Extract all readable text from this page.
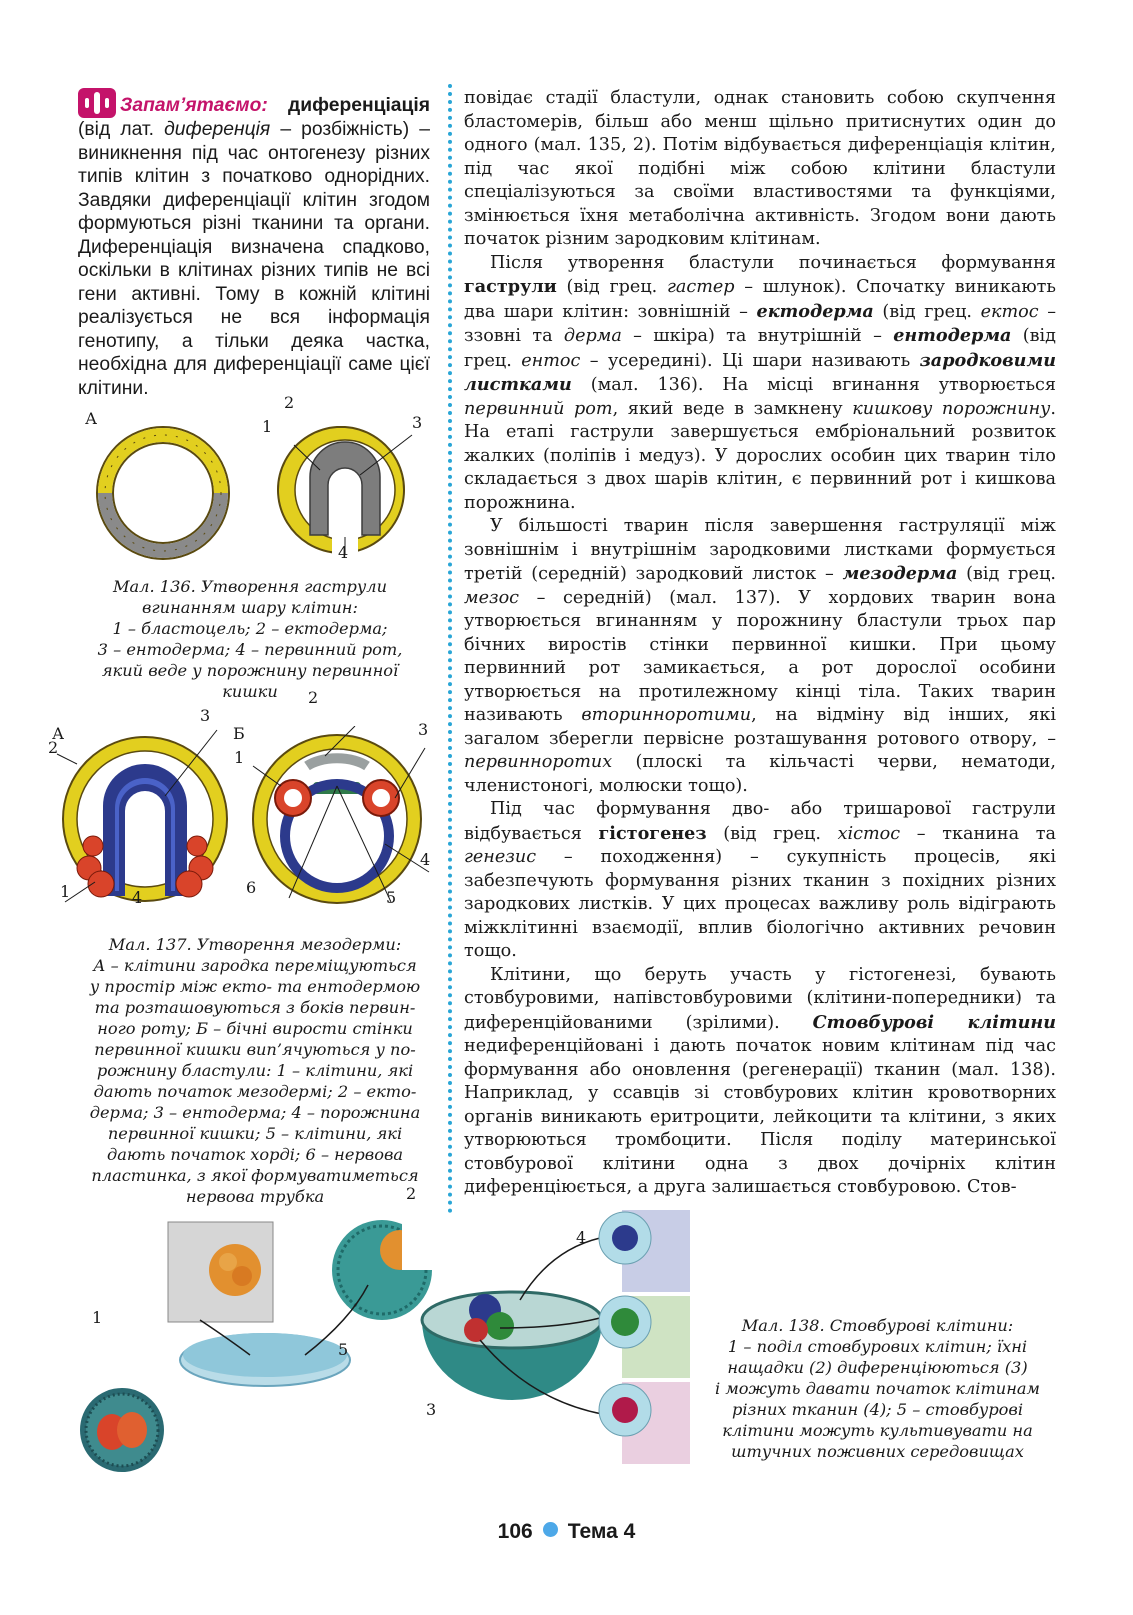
Запам’ятаємо: диференціація (від лат. диференція – розбіжність) – виникнення під час онтогенезу різних типів клітин з початково однорідних. Завдяки диференціації клітин згодом формуються різні тканини та органи. Диференціація визначена спадково, оскільки в клітинах різних типів не всі гени активні. Тому в кожній клітині реалізується не вся інформація генотипу, а тільки деяка частка, необхідна для диференціації саме цієї клітини.
А
2
1	3
4
Мал. 136. Утворення гаструли
вгинанням шару клітин:
1 – бластоцель; 2 – ектодерма;
3 – ентодерма; 4 – первинний рот,
який веде у порожнину первинної
кишки
А	Б
2
3
1	4
2
1
3
4
5
6
Мал. 137. Утворення мезодерми:
А – клітини зародка переміщуються
у простір між екто- та ентодермою
та розташовуються з боків первин-
ного роту; Б – бічні вирости стінки
первинної кишки вип’ячуються у по-
рожнину бластули: 1 – клітини, які
дають початок мезодермі; 2 – екто-
дерма; 3 – ентодерма; 4 – порожнина
первинної кишки; 5 – клітини, які
дають початок хорді; 6 – нервова
пластинка, з якої формуватиметься
нервова трубка

повідає стадії бластули, однак становить собою скупчення бластомерів, більш або менш щільно притиснутих один до одного (мал. 135, 2). Потім відбувається диференціація клітин, під час якої подібні між собою клітини бластули спеціалізуються за своїми властивостями та функціями, змінюється їхня метаболічна активність. Згодом вони дають початок різним зародковим клітинам.

Після утворення бластули починається формування гаструли (від грец. гастер – шлунок). Спочатку виникають два шари клітин: зовнішній – ектодерма (від грец. ектос – ззовні та дерма – шкіра) та внутрішній – ентодерма (від грец. ентос – усередині). Ці шари називають зародковими листками (мал. 136). На місці вгинання утворюється первинний рот, який веде в замкнену кишкову порожнину. На етапі гаструли завершується ембріональний розвиток жалких (поліпів і медуз). У дорослих особин цих тварин тіло складається з двох шарів клітин, є первинний рот і кишкова порожнина.

У більшості тварин після завершення гаструляції між зовнішнім і внутрішнім зародковими листками формується третій (середній) зародковий листок – мезодерма (від грец. мезос – середній) (мал. 137). У хордових тварин вона утворюється вгинанням у порожнину бластули трьох пар бічних виростів стінки первинної кишки. При цьому первинний рот замикається, а рот дорослої особини утворюється на протилежному кінці тіла. Таких тварин називають вторинноротими, на відміну від інших, які загалом зберегли первісне розташування ротового отвору, – первинноротих (плоскі та кільчасті черви, нематоди, членистоногі, молюски тощо).

Під час формування дво- або тришарової гаструли відбувається гістогенез (від грец. хістос – тканина та генезис – походження) – сукупність процесів, які забезпечують формування різних тканин з похідних різних зародкових листків. У цих процесах важливу роль відіграють міжклітинні взаємодії, вплив біологічно активних речовин тощо.

Клітини, що беруть участь у гістогенезі, бувають стовбуровими, напівстовбуровими (клітини-попередники) та диференційованими (зрілими). Стовбурові клітини недиференційовані і дають початок новим клітинам під час формування або оновлення (регенерації) тканин (мал. 138). Наприклад, у ссавців зі стовбурових клітин кровотворних органів виникають еритроцити, лейкоцити та клітини, з яких утворюються тромбоцити. Після поділу материнської стовбурової клітини одна з двох дочірніх клітин диференціюється, а друга залишається стовбуровою. Стов-

1
2
3
4
5
Мал. 138. Стовбурові клітини:
1 – поділ стовбурових клітин; їхні
нащадки (2) диференціюються (3)
і можуть давати початок клітинам
різних тканин (4); 5 – стовбурові
клітини можуть культивувати на
штучних поживних середовищах
106 Тема 4
